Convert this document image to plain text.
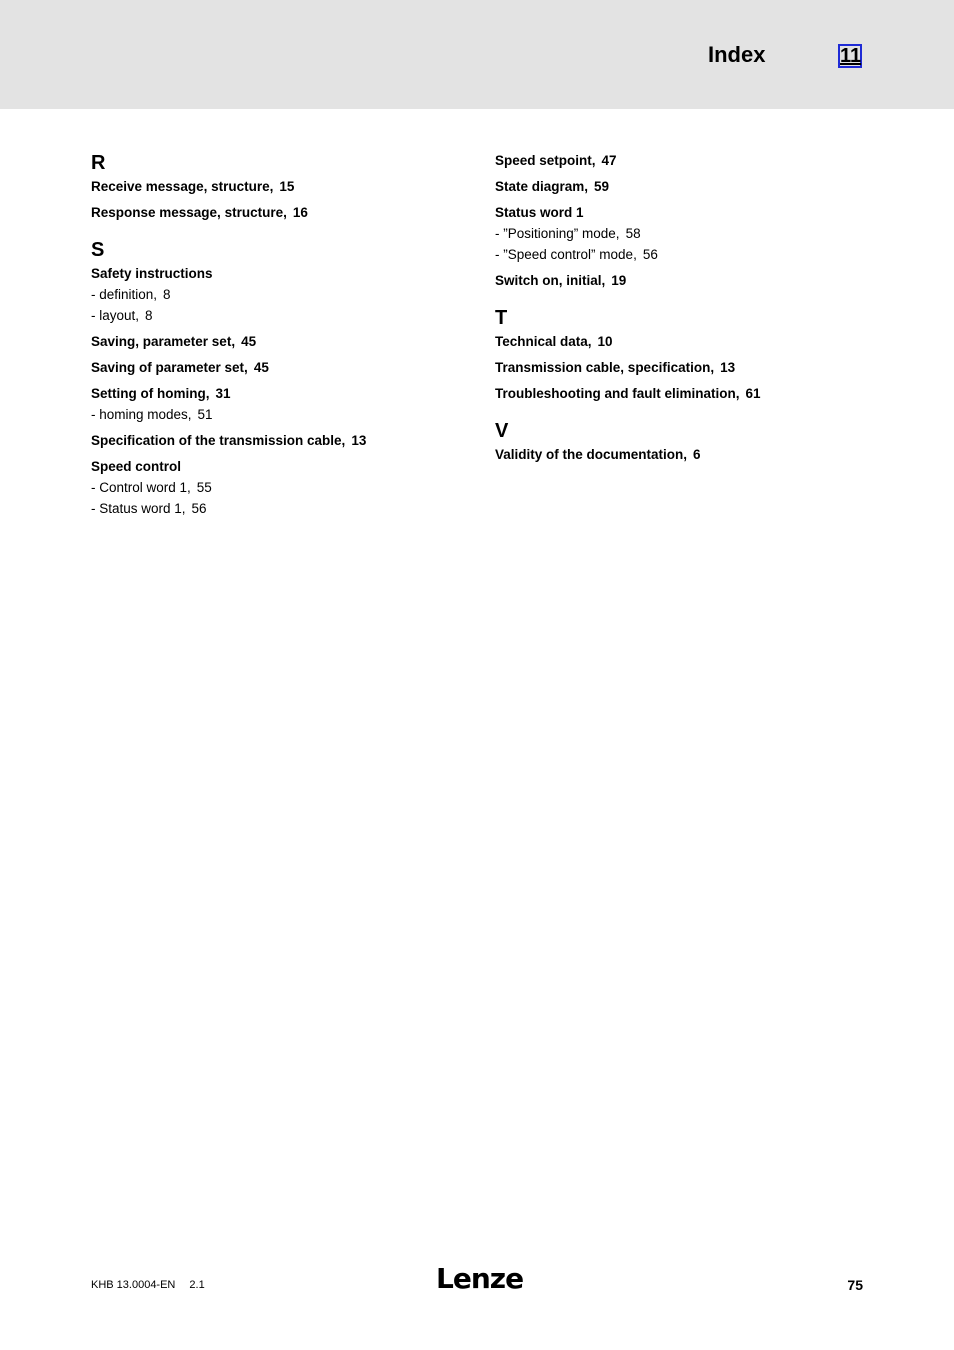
Index	11
R
Receive message, structure, 15
Response message, structure, 16
S
Safety instructions
- definition, 8
- layout, 8
Saving, parameter set, 45
Saving of parameter set, 45
Setting of homing, 31
- homing modes, 51
Specification of the transmission cable, 13
Speed control
- Control word 1, 55
- Status word 1, 56
Speed setpoint, 47
State diagram, 59
Status word 1
- ”Positioning” mode, 58
- ”Speed control” mode, 56
Switch on, initial, 19
T
Technical data, 10
Transmission cable, specification, 13
Troubleshooting and fault elimination, 61
V
Validity of the documentation, 6
KHB 13.0004-EN 2.1	Lenze	75
